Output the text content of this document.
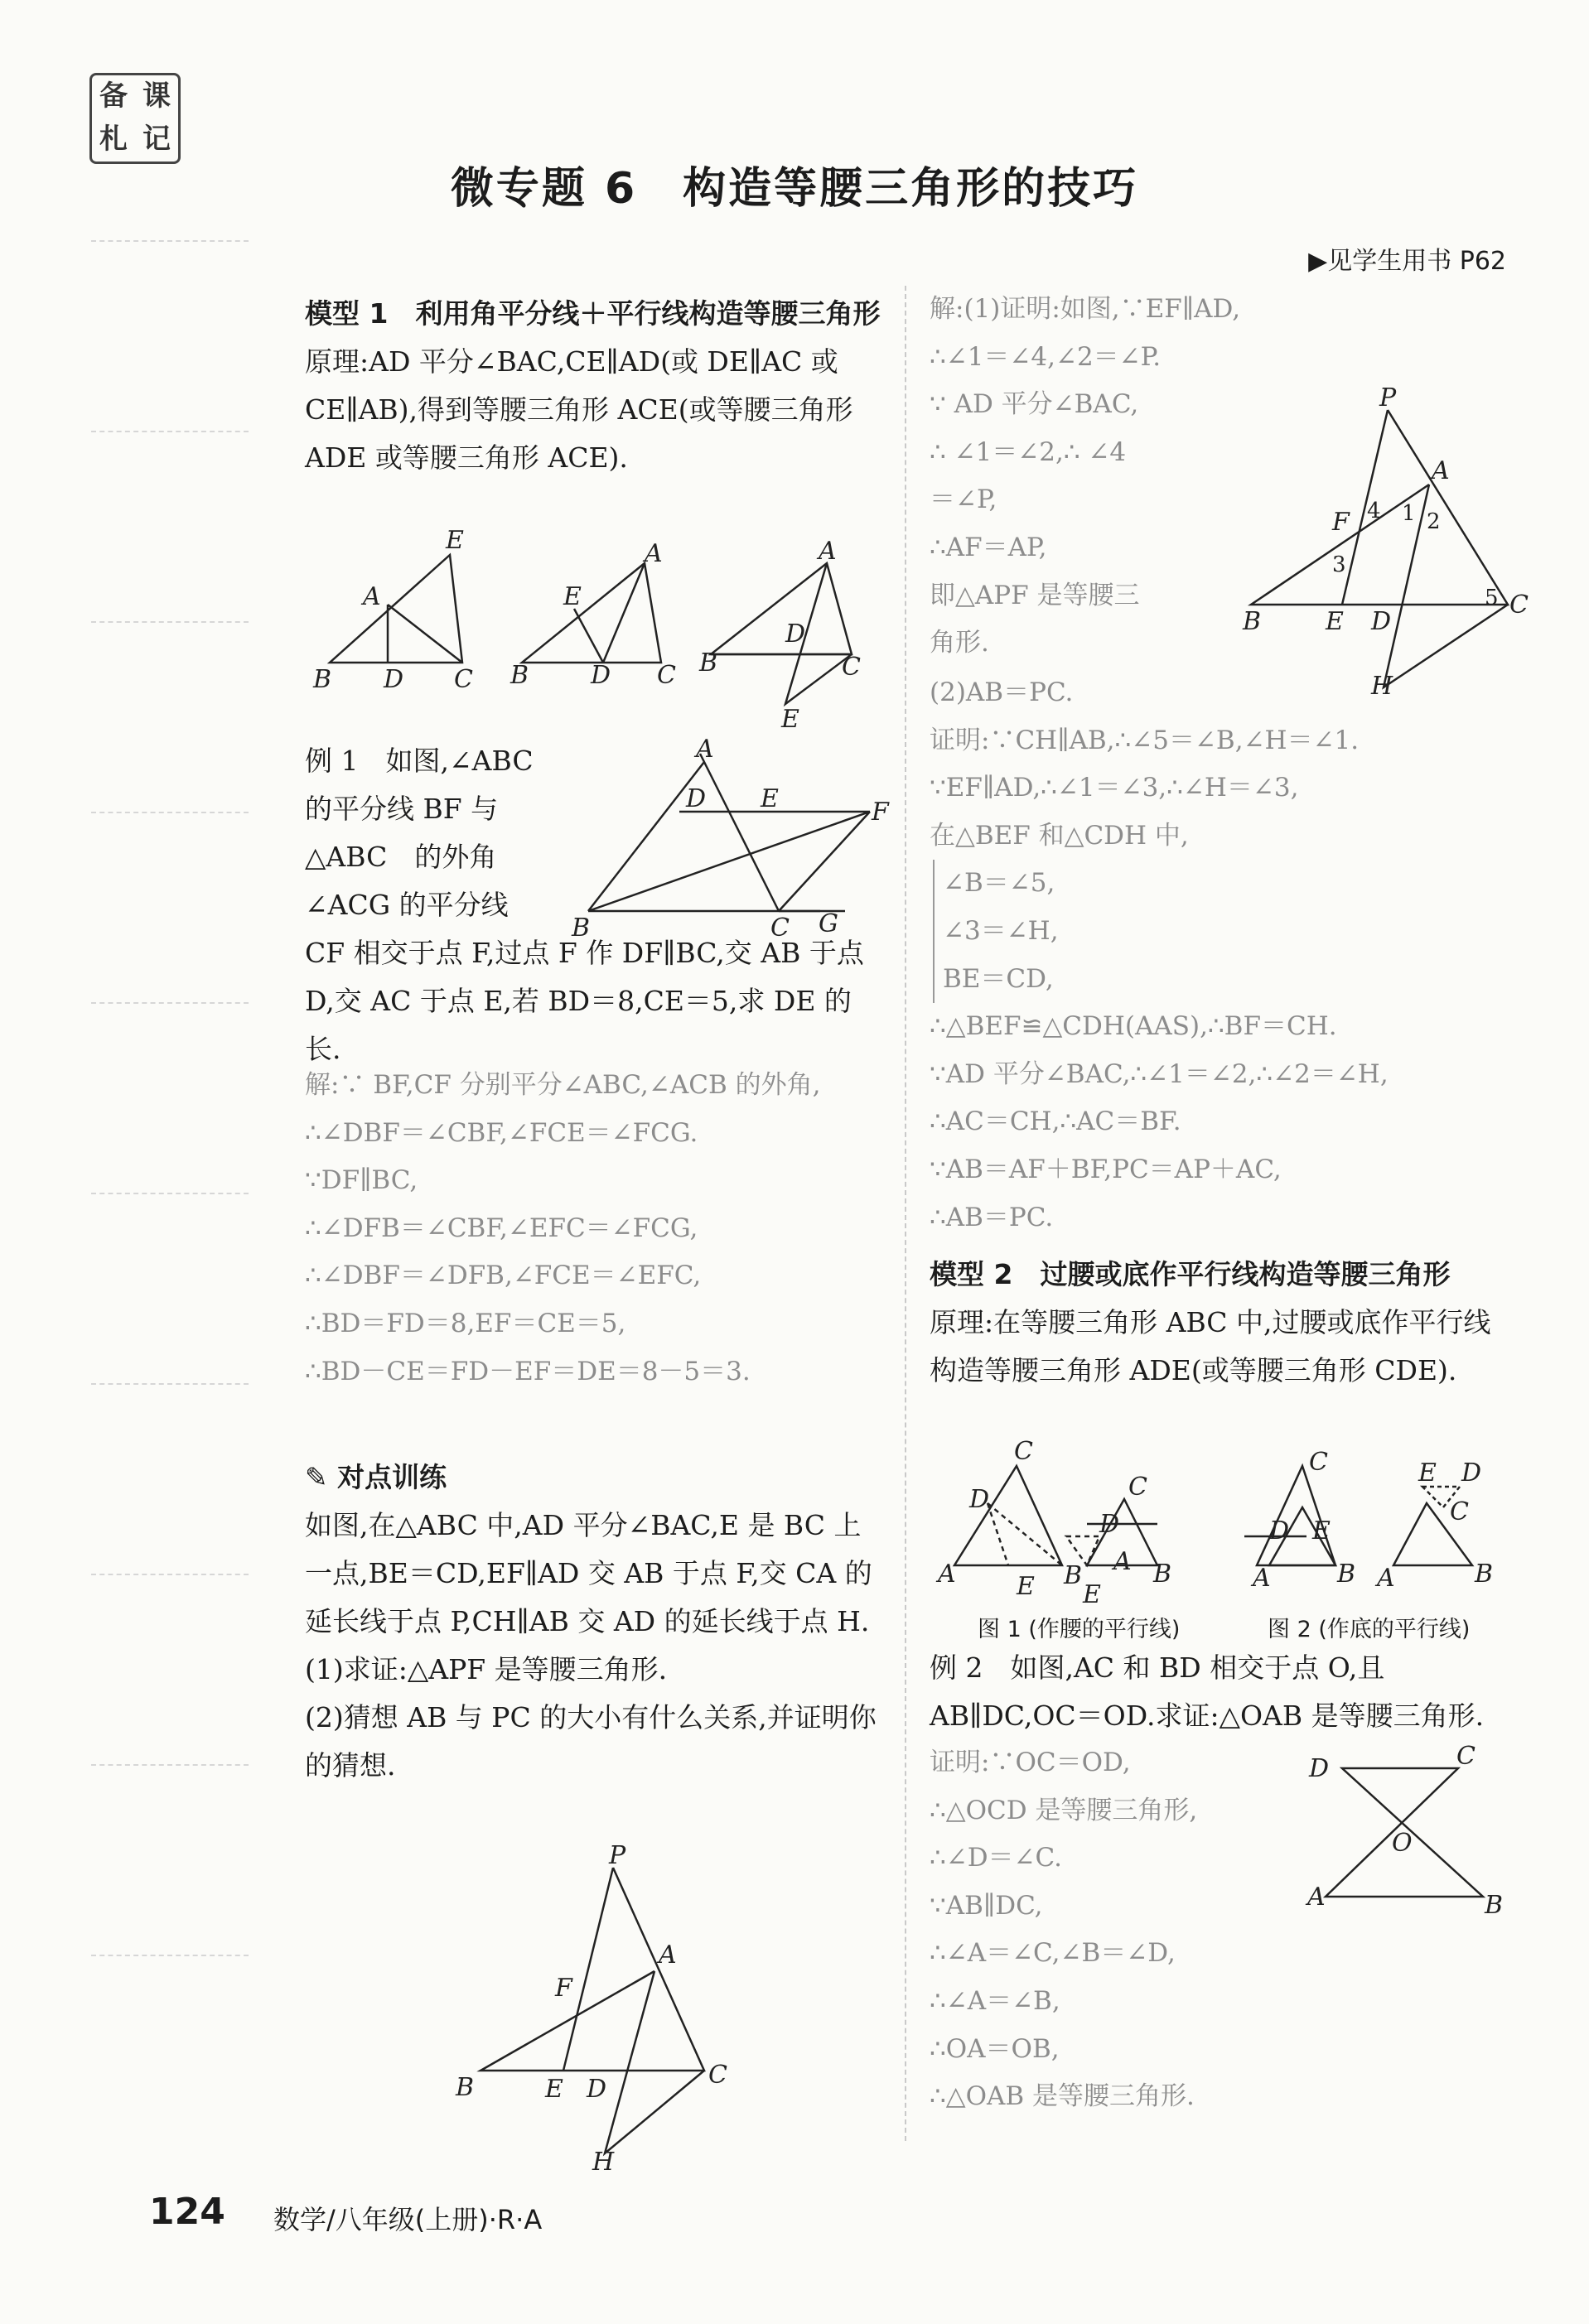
备 课
札 记
微专题 6　构造等腰三角形的技巧
▶见学生用书 P62

模型 1　利用角平分线＋平行线构造等腰三角形

原理:AD 平分∠BAC,CE∥AD(或 DE∥AC 或CE∥AB),得到等腰三角形 ACE(或等腰三角形 ADE 或等腰三角形 ACE).

B D C
A
E
B D C
E
A
B	C
A
D
E

例 1　如图,∠ABC

的平分线 BF 与

△ABC　的外角

∠ACG 的平分线

B	C G
A
D E	F

CF 相交于点 F,过点 F 作 DF∥BC,交 AB 于点 D,交 AC 于点 E,若 BD＝8,CE＝5,求 DE 的长.

解:∵ BF,CF 分别平分∠ABC,∠ACB 的外角,

∴∠DBF＝∠CBF,∠FCE＝∠FCG.

∵DF∥BC,

∴∠DFB＝∠CBF,∠EFC＝∠FCG,

∴∠DBF＝∠DFB,∠FCE＝∠EFC,

∴BD＝FD＝8,EF＝CE＝5,

∴BD－CE＝FD－EF＝DE＝8－5＝3.

✎ 对点训练

如图,在△ABC 中,AD 平分∠BAC,E 是 BC 上一点,BE＝CD,EF∥AD 交 AB 于点 F,交 CA 的延长线于点 P,CH∥AB 交 AD 的延长线于点 H.

(1)求证:△APF 是等腰三角形.

(2)猜想 AB 与 PC 的大小有什么关系,并证明你的猜想.

P
A
F
B	E D	C
H

解:(1)证明:如图,∵EF∥AD,

∴∠1＝∠4,∠2＝∠P.

∵ AD 平分∠BAC,

∴ ∠1＝∠2,∴ ∠4

＝∠P,

∴AF＝AP,

即△APF 是等腰三

角形.

P
A
F
B	E D
C
H
4 1 2
3
5

(2)AB＝PC.

证明:∵CH∥AB,∴∠5＝∠B,∠H＝∠1.

∵EF∥AD,∴∠1＝∠3,∴∠H＝∠3,

在△BEF 和△CDH 中,

∠B＝∠5,

∠3＝∠H,

BE＝CD,

∴△BEF≌△CDH(AAS),∴BF＝CH.

∵AD 平分∠BAC,∴∠1＝∠2,∴∠2＝∠H,

∴AC＝CH,∴AC＝BF.

∵AB＝AF＋BF,PC＝AP＋AC,

∴AB＝PC.

模型 2　过腰或底作平行线构造等腰三角形

原理:在等腰三角形 ABC 中,过腰或底作平行线构造等腰三角形 ADE(或等腰三角形 CDE).

A
D
C
B
E
D
C
B
A
E
A
D E
C
B A
E D
C
B
图 1 (作腰的平行线)	图 2 (作底的平行线)

例 2　如图,AC 和 BD 相交于点 O,且 AB∥DC,OC＝OD.求证:△OAB 是等腰三角形.

证明:∵OC＝OD,

∴△OCD 是等腰三角形,

∴∠D＝∠C.

∵AB∥DC,

∴∠A＝∠C,∠B＝∠D,

∴∠A＝∠B,

∴OA＝OB,

∴△OAB 是等腰三角形.

D	C
O
A	B
124 数学/八年级(上册)·R·A
